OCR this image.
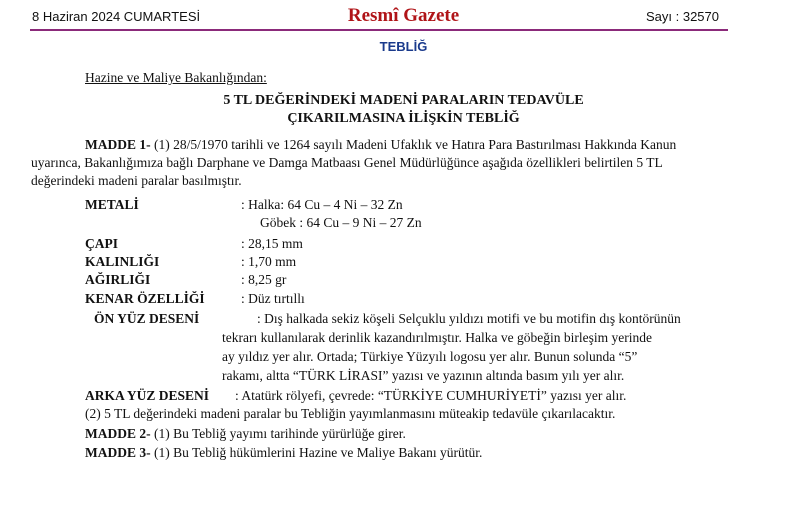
8 Haziran 2024 CUMARTESİ	Resmî Gazete	Sayı : 32570
TEBLİĞ
Hazine ve Maliye Bakanlığından:
5 TL DEĞERİNDEKİ MADENİ PARALARIN TEDAVÜLE
ÇIKARILMASINA İLİŞKİN TEBLİĞ
MADDE 1- (1) 28/5/1970 tarihli ve 1264 sayılı Madeni Ufaklık ve Hatıra Para Bastırılması Hakkında Kanun
uyarınca, Bakanlığımıza bağlı Darphane ve Damga Matbaası Genel Müdürlüğünce aşağıda özellikleri belirtilen 5 TL
değerindeki madeni paralar basılmıştır.
METALİ	: Halka: 64 Cu – 4 Ni – 32 Zn
Göbek : 64 Cu – 9 Ni – 27 Zn
ÇAPI	: 28,15 mm
KALINLIĞI	: 1,70 mm
AĞIRLIĞI	: 8,25 gr
KENAR ÖZELLİĞİ	: Düz tırtıllı
ÖN YÜZ DESENİ	: Dış halkada sekiz köşeli Selçuklu yıldızı motifi ve bu motifin dış kontörünün
tekrarı kullanılarak derinlik kazandırılmıştır. Halka ve göbeğin birleşim yerinde
ay yıldız yer alır. Ortada; Türkiye Yüzyılı logosu yer alır. Bunun solunda “5”
rakamı, altta “TÜRK LİRASI” yazısı ve yazının altında basım yılı yer alır.
ARKA YÜZ DESENİ : Atatürk rölyefi, çevrede: “TÜRKİYE CUMHURİYETİ” yazısı yer alır.
(2) 5 TL değerindeki madeni paralar bu Tebliğin yayımlanmasını müteakip tedavüle çıkarılacaktır.
MADDE 2- (1) Bu Tebliğ yayımı tarihinde yürürlüğe girer.
MADDE 3- (1) Bu Tebliğ hükümlerini Hazine ve Maliye Bakanı yürütür.
